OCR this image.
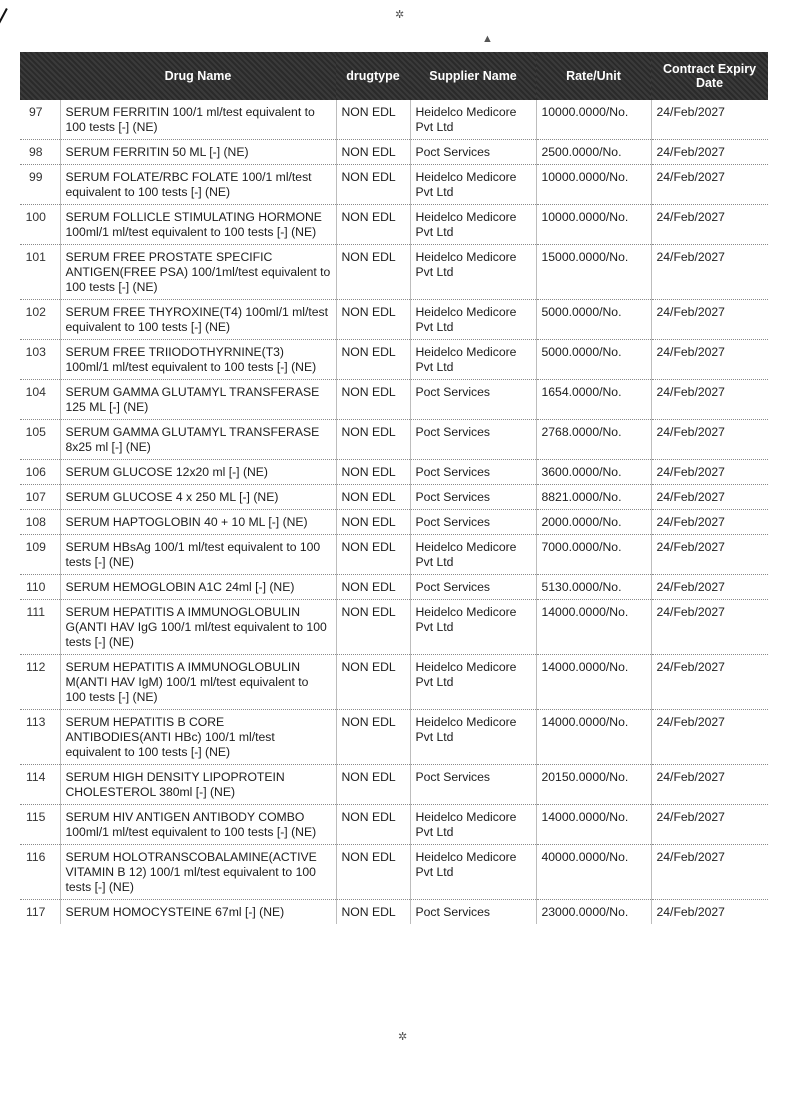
✲
▲
✲
	Drug Name	drugtype	Supplier Name	Rate/Unit	Contract Expiry Date
97	SERUM FERRITIN 100/1 ml/test equivalent to 100 tests [-] (NE)	NON EDL	Heidelco Medicore Pvt Ltd	10000.0000/No.	24/Feb/2027
98	SERUM FERRITIN 50 ML [-] (NE)	NON EDL	Poct Services	2500.0000/No.	24/Feb/2027
99	SERUM FOLATE/RBC FOLATE 100/1 ml/test equivalent to 100 tests [-] (NE)	NON EDL	Heidelco Medicore Pvt Ltd	10000.0000/No.	24/Feb/2027
100	SERUM FOLLICLE STIMULATING HORMONE 100ml/1 ml/test equivalent to 100 tests [-] (NE)	NON EDL	Heidelco Medicore Pvt Ltd	10000.0000/No.	24/Feb/2027
101	SERUM FREE PROSTATE SPECIFIC ANTIGEN(FREE PSA) 100/1ml/test equivalent to 100 tests [-] (NE)	NON EDL	Heidelco Medicore Pvt Ltd	15000.0000/No.	24/Feb/2027
102	SERUM FREE THYROXINE(T4) 100ml/1 ml/test equivalent to 100 tests [-] (NE)	NON EDL	Heidelco Medicore Pvt Ltd	5000.0000/No.	24/Feb/2027
103	SERUM FREE TRIIODOTHYRNINE(T3) 100ml/1 ml/test equivalent to 100 tests [-] (NE)	NON EDL	Heidelco Medicore Pvt Ltd	5000.0000/No.	24/Feb/2027
104	SERUM GAMMA GLUTAMYL TRANSFERASE 125 ML [-] (NE)	NON EDL	Poct Services	1654.0000/No.	24/Feb/2027
105	SERUM GAMMA GLUTAMYL TRANSFERASE 8x25 ml [-] (NE)	NON EDL	Poct Services	2768.0000/No.	24/Feb/2027
106	SERUM GLUCOSE 12x20 ml [-] (NE)	NON EDL	Poct Services	3600.0000/No.	24/Feb/2027
107	SERUM GLUCOSE 4 x 250 ML [-] (NE)	NON EDL	Poct Services	8821.0000/No.	24/Feb/2027
108	SERUM HAPTOGLOBIN 40 + 10 ML [-] (NE)	NON EDL	Poct Services	2000.0000/No.	24/Feb/2027
109	SERUM HBsAg 100/1 ml/test equivalent to 100 tests [-] (NE)	NON EDL	Heidelco Medicore Pvt Ltd	7000.0000/No.	24/Feb/2027
110	SERUM HEMOGLOBIN A1C 24ml [-] (NE)	NON EDL	Poct Services	5130.0000/No.	24/Feb/2027
111	SERUM HEPATITIS A IMMUNOGLOBULIN G(ANTI HAV IgG 100/1 ml/test equivalent to 100 tests [-] (NE)	NON EDL	Heidelco Medicore Pvt Ltd	14000.0000/No.	24/Feb/2027
112	SERUM HEPATITIS A IMMUNOGLOBULIN M(ANTI HAV IgM) 100/1 ml/test equivalent to 100 tests [-] (NE)	NON EDL	Heidelco Medicore Pvt Ltd	14000.0000/No.	24/Feb/2027
113	SERUM HEPATITIS B CORE ANTIBODIES(ANTI HBc) 100/1 ml/test equivalent to 100 tests [-] (NE)	NON EDL	Heidelco Medicore Pvt Ltd	14000.0000/No.	24/Feb/2027
114	SERUM HIGH DENSITY LIPOPROTEIN CHOLESTEROL 380ml [-] (NE)	NON EDL	Poct Services	20150.0000/No.	24/Feb/2027
115	SERUM HIV ANTIGEN ANTIBODY COMBO 100ml/1 ml/test equivalent to 100 tests [-] (NE)	NON EDL	Heidelco Medicore Pvt Ltd	14000.0000/No.	24/Feb/2027
116	SERUM HOLOTRANSCOBALAMINE(ACTIVE VITAMIN B 12) 100/1 ml/test equivalent to 100 tests [-] (NE)	NON EDL	Heidelco Medicore Pvt Ltd	40000.0000/No.	24/Feb/2027
117	SERUM HOMOCYSTEINE 67ml [-] (NE)	NON EDL	Poct Services	23000.0000/No.	24/Feb/2027
